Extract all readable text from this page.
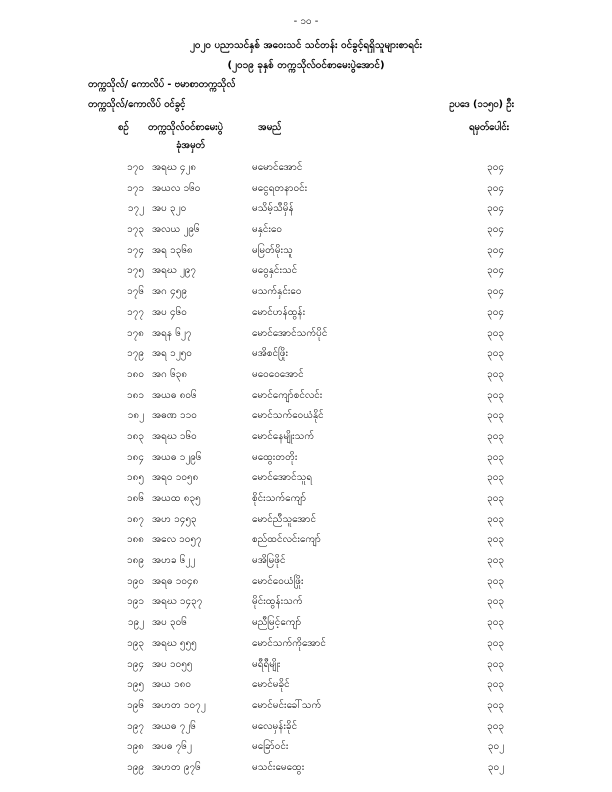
- ၁၀ -
၂၀၂၀ ပညာသင်နှစ် အဝေးသင် သင်တန်း ဝင်ခွင့်ရရှိသူများစာရင်း
(၂၀၁၉ ခုနှစ် တက္ကသိုလ်ဝင်စာမေးပွဲအောင်)
တက္ကသိုလ်/ ကောလိပ် - ဗမာစာတက္ကသိုလ်
တက္ကသိုလ်/ကောလိပ် ဝင်ခွင့်	ဥပဒေ (၁၁၅၀) ဦး
စဉ် တက္ကသိုလ်ဝင်စာမေးပွဲ
ခုံအမှတ်
အမည်	ရမှတ်ပေါင်း
၁၇၀ အရဃ ၄၂၈	မမောင်အောင်	၃၀၄
၁၇၁ အယလ ၁၆၀	မငွေရတနာဝင်း	၃၀၄
၁၇၂ အပ ၃၂၀	မသိမ့်သီမှိန်	၃၀၄
၁၇၃ အလယ ၂၉၆	မနှင်းဝေ	၃၀၄
၁၇၄ အရ ၁၃၆၈	မမြတ်မိုးသူ	၃၀၄
၁၇၅ အရဃ ၂၉၇	မဝွေနှင်းသင်	၃၀၄
၁၇၆ အဂ ၄၅၉	မသက်နှင်းဝေ	၃၀၄
၁၇၇ အပ ၄၆၀	မောင်ဟန်ထွန်း	၃၀၄
၁၇၈ အရန ၆၂၇	မောင်အောင်သက်ပိုင်	၃၀၃
၁၇၉ အရ ၁၂၅၀	မအိစင်ဖြိုး	၃၀၃
၁၈၀ အဂ ၆၃၈	မဝေဝေအောင်	၃၀၃
၁၈၁ အယဓ ၈၀၆	မောင်ကျော်စင်လင်း	၃၀၃
၁၈၂ အဓဏ ၁၁၀	မောင်သက်ဝေယံနိုင်	၃၀၃
၁၈၃ အရဃ ၁၆၀	မောင်နေမျိုးသက်	၃၀၃
၁၈၄ အယဓ ၁၂၉၆	မထွေးတတိုး	၃၀၃
၁၈၅ အရ၀ ၁၀၅၈	မောင်အောင်သူရ	၃၀၃
၁၈၆ အယထ ၈၃၅	စိုင်းသက်ကျော်	၃၀၃
၁၈၇ အဟ ၁၄၅၃	မောင်ညီသူအောင်	၃၀၃
၁၈၈ အလေ ၁၀၅၇	စည်ထင်လင်းကျော်	၃၀၃
၁၈၉ အဟခ ၆၂၂	မအိမြဖိုင်	၃၀၃
၁၉၀ အရဓ ၁၀၄၈	မောင်ဝေယံဖြိုး	၃၀၃
၁၉၁ အရဃ ၁၄၃၇	မိုင်းထွန်းသက်	၃၀၃
၁၉၂ အပ ၃၀၆	မညီမြင့်ကျော်	၃၀၃
၁၉၃ အရဃ ၅၅၅	မောင်သက်ကိုအောင်	၃၀၃
၁၉၄ အပ ၁၀၅၅	မရီရီမျိုး	၃၀၃
၁၉၅ အယ ၁၈၀	မောင်မခိုင်	၃၀၃
၁၉၆ အဟတ ၁၀၇၂	မောင်မင်းခေါ်သက်	၃၀၃
၁၉၇ အယဓ ၇၂၆	မလေမှန်းခိုင်	၃၀၃
၁၉၈ အပဓ ၇၆၂	မခြော်ဝင်း	၃၀၂
၁၉၉ အဟတ ၉၇၆	မသင်းမေထွေး	၃၀၂
